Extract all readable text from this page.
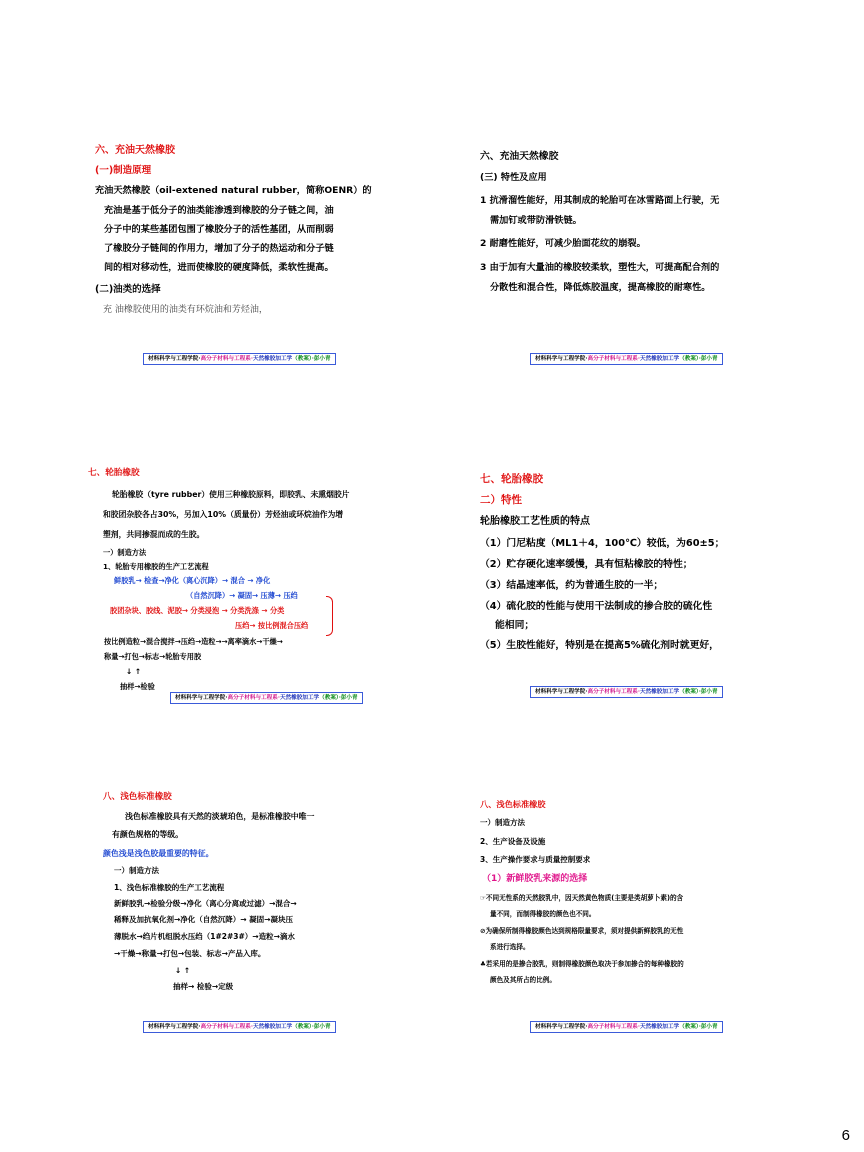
六、充油天然橡胶
(一)制造原理
充油天然橡胶（oil-extened natural rubber，简称OENR）的
充油是基于低分子的油类能渗透到橡胶的分子链之间，油
分子中的某些基团包围了橡胶分子的活性基团，从而削弱
了橡胶分子链间的作用力，增加了分子的热运动和分子链
间的相对移动性，进而使橡胶的硬度降低，柔软性提高。
(二)油类的选择
充 油橡胶使用的油类有环烷油和芳烃油，
材料科学与工程学院·高分子材料与工程系·天然橡胶加工学（教案）·彭小青
六、充油天然橡胶
(三) 特性及应用
1 抗滑溜性能好，用其制成的轮胎可在冰雪路面上行驶，无
需加钉或带防滑铁链。
2 耐磨性能好，可减少胎面花纹的崩裂。
3 由于加有大量油的橡胶较柔软，塑性大，可提高配合剂的
分散性和混合性，降低炼胶温度，提高橡胶的耐寒性。
材料科学与工程学院·高分子材料与工程系·天然橡胶加工学（教案）·彭小青
七、轮胎橡胶
轮胎橡胶（tyre rubber）使用三种橡胶原料，即胶乳、未熏烟胶片
和胶团杂胶各占30%，另加入10%（质量份）芳烃油或环烷油作为增
塑剂，共同掺混而成的生胶。
一）制造方法
1、轮胎专用橡胶的生产工艺流程
鲜胶乳→ 检查→净化（离心沉降）→ 混合 → 净化
（自然沉降）→ 凝固→ 压薄→ 压绉
胶团杂块、胶线、泥胶→ 分类浸泡 → 分类洗涤 → 分类
压绉→ 按比例混合压绉
按比例造粒→混合搅拌→压绉→造粒→→离率滴水→干燥→
称量→打包→标志→轮胎专用胶
↓ ↑
抽样→检验
材料科学与工程学院·高分子材料与工程系·天然橡胶加工学（教案）·彭小青
七、轮胎橡胶
二）特性
轮胎橡胶工艺性质的特点
（1）门尼粘度（ML1＋4，100℃）较低，为60±5；
（2）贮存硬化速率缓慢，具有恒粘橡胶的特性；
（3）结晶速率低，约为普通生胶的一半；
（4）硫化胶的性能与使用干法制成的掺合胶的硫化性
能相同；
（5）生胶性能好，特别是在提高5%硫化剂时就更好，
材料科学与工程学院·高分子材料与工程系·天然橡胶加工学（教案）·彭小青
八、浅色标准橡胶
浅色标准橡胶具有天然的淡琥珀色，是标准橡胶中唯一
有颜色规格的等级。
颜色浅是浅色胶最重要的特征。
一）制造方法
1、浅色标准橡胶的生产工艺流程
新鲜胶乳→检验分级→净化（离心分离或过滤）→混合→
稀释及加抗氧化剂→净化（自然沉降）→ 凝固→凝块压
薄脱水→绉片机组脱水压绉（1#2#3#）→造粒→滴水
→干燥→称量→打包→包装、标志→产品入库。
↓ ↑
抽样→ 检验→定级
材料科学与工程学院·高分子材料与工程系·天然橡胶加工学（教案）·彭小青
八、浅色标准橡胶
一）制造方法
2、生产设备及设施
3、生产操作要求与质量控制要求
（1）新鲜胶乳来源的选择
☞不同无性系的天然胶乳中，因天然黄色物质(主要是类胡萝卜素)的含
量不同，而制得橡胶的颜色也不同。
⊘为确保所制得橡胶颜色达到规格限量要求，须对提供新鲜胶乳的无性
系进行选择。
♣若采用的是掺合胶乳，则制得橡胶颜色取决于参加掺合的每种橡胶的
颜色及其所占的比例。
材料科学与工程学院·高分子材料与工程系·天然橡胶加工学（教案）·彭小青
6
